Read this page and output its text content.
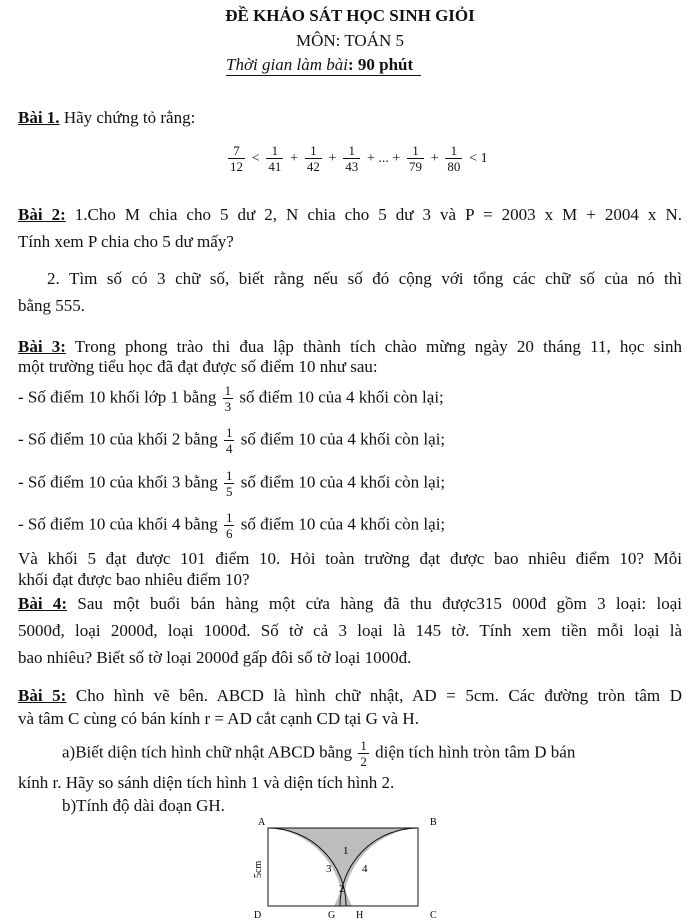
ĐỀ KHẢO SÁT HỌC SINH GIỎI
MÔN: TOÁN 5
Thời gian làm bài: 90 phút
Bài 1. Hãy chứng tỏ rằng:
$\frac{7}{12} < \frac{1}{41} + \frac{1}{42} + \frac{1}{43}$ + ... + $\frac{1}{79} + \frac{1}{80} < 1$
Bài 2: 1.Cho M chia cho 5 dư 2, N chia cho 5 dư 3 và P = 2003 x M + 2004 x N.
Tính xem P chia cho 5 dư mấy?
2. Tìm số có 3 chữ số, biết rằng nếu số đó cộng với tổng các chữ số của nó thì
bằng 555.
Bài 3: Trong phong trào thi đua lập thành tích chào mừng ngày 20 tháng 11, học sinh
một trường tiểu học đã đạt được số điểm 10 như sau:
- Số điểm 10 khối lớp 1 bằng $\frac{1}{3}$ số điểm 10 của 4 khối còn lại;
- Số điểm 10 của khối 2 bằng $\frac{1}{4}$ số điểm 10 của 4 khối còn lại;
- Số điểm 10 của khối 3 bằng $\frac{1}{5}$ số điểm 10 của 4 khối còn lại;
- Số điểm 10 của khối 4 bằng $\frac{1}{6}$ số điểm 10 của 4 khối còn lại;
Và khối 5 đạt được 101 điểm 10. Hỏi toàn trường đạt được bao nhiêu điểm 10? Mỗi
khối đạt được bao nhiêu điểm 10?
Bài 4: Sau một buổi bán hàng một cửa hàng đã thu được315 000đ gồm 3 loại: loại
5000đ, loại 2000đ, loại 1000đ. Số tờ cả 3 loại là 145 tờ. Tính xem tiền mỗi loại là
bao nhiêu? Biết số tờ loại 2000đ gấp đôi số tờ loại 1000đ.
Bài 5: Cho hình vẽ bên. ABCD là hình chữ nhật, AD = 5cm. Các đường tròn tâm D
và tâm C cùng có bán kính r = AD cắt cạnh CD tại G và H.
a)Biết diện tích hình chữ nhật ABCD bằng $\frac{1}{2}$ diện tích hình tròn tâm D bán
kính r. Hãy so sánh diện tích hình 1 và diện tích hình 2.
b)Tính độ dài đoạn GH.
A	B
D	G H	C
1
2
3	4
5cm
